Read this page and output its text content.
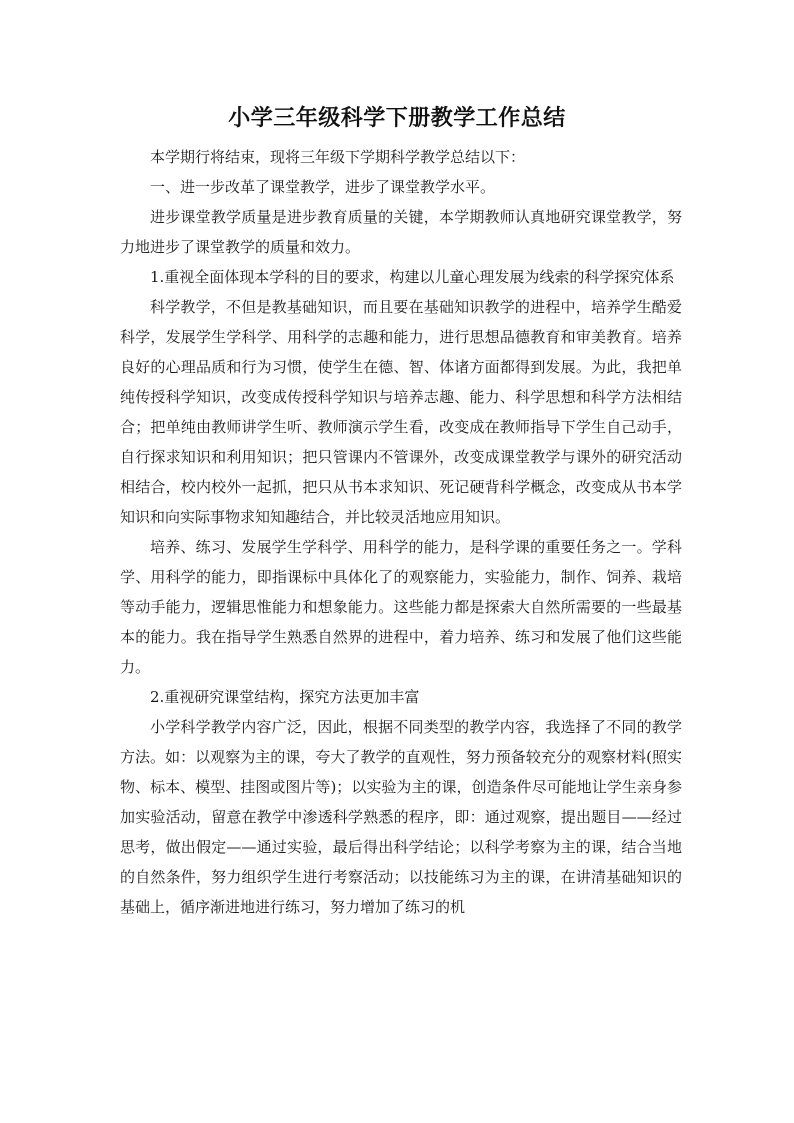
小学三年级科学下册教学工作总结

本学期行将结束，现将三年级下学期科学教学总结以下：

一、进一步改革了课堂教学，进步了课堂教学水平。

进步课堂教学质量是进步教育质量的关键，本学期教师认真地研究课堂教学，努力地进步了课堂教学的质量和效力。

1.重视全面体现本学科的目的要求，构建以儿童心理发展为线索的科学探究体系

科学教学，不但是教基础知识，而且要在基础知识教学的进程中，培养学生酷爱科学，发展学生学科学、用科学的志趣和能力，进行思想品德教育和审美教育。培养良好的心理品质和行为习惯，使学生在德、智、体诸方面都得到发展。为此，我把单纯传授科学知识，改变成传授科学知识与培养志趣、能力、科学思想和科学方法相结合；把单纯由教师讲学生听、教师演示学生看，改变成在教师指导下学生自己动手，自行探求知识和利用知识；把只管课内不管课外，改变成课堂教学与课外的研究活动相结合，校内校外一起抓，把只从书本求知识、死记硬背科学概念，改变成从书本学知识和向实际事物求知知趣结合，并比较灵活地应用知识。

培养、练习、发展学生学科学、用科学的能力，是科学课的重要任务之一。学科学、用科学的能力，即指课标中具体化了的观察能力，实验能力，制作、饲养、栽培等动手能力，逻辑思惟能力和想象能力。这些能力都是探索大自然所需要的一些最基本的能力。我在指导学生熟悉自然界的进程中，着力培养、练习和发展了他们这些能力。

2.重视研究课堂结构，探究方法更加丰富

小学科学教学内容广泛，因此，根据不同类型的教学内容，我选择了不同的教学方法。如：以观察为主的课，夸大了教学的直观性，努力预备较充分的观察材料(照实物、标本、模型、挂图或图片等)；以实验为主的课，创造条件尽可能地让学生亲身参加实验活动，留意在教学中渗透科学熟悉的程序，即：通过观察，提出题目——经过思考，做出假定——通过实验，最后得出科学结论；以科学考察为主的课，结合当地的自然条件，努力组织学生进行考察活动；以技能练习为主的课，在讲清基础知识的基础上，循序渐进地进行练习，努力增加了练习的机
